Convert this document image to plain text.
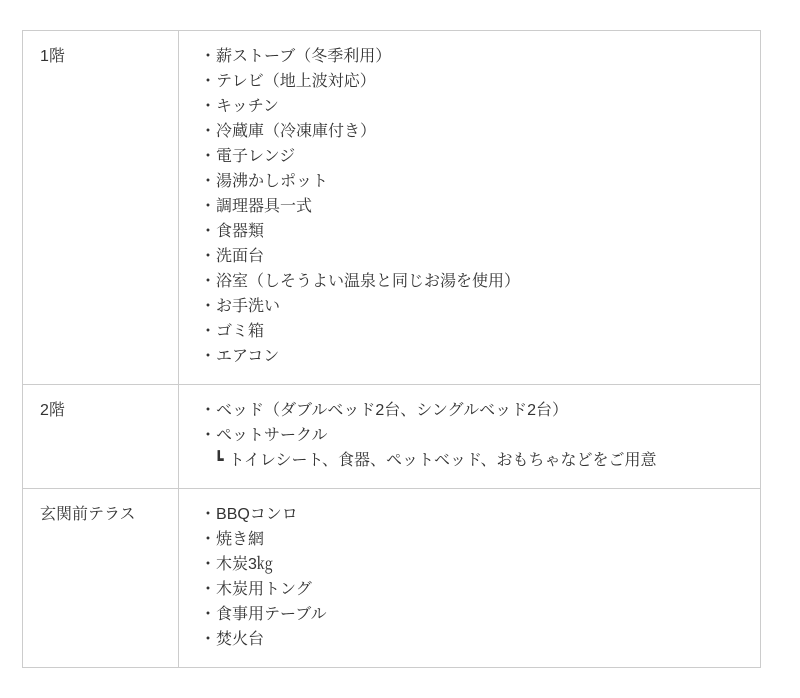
1階	・薪ストーブ（冬季利用）
・テレビ（地上波対応）
・キッチン
・冷蔵庫（冷凍庫付き）
・電子レンジ
・湯沸かしポット
・調理器具一式
・食器類
・洗面台
・浴室（しそうよい温泉と同じお湯を使用）
・お手洗い
・ゴミ箱
・エアコン
2階	・ベッド（ダブルベッド2台、シングルベッド2台）
・ペットサークル
┗ トイレシート、食器、ペットベッド、おもちゃなどをご用意
玄関前テラス	・BBQコンロ
・焼き網
・木炭3㎏
・木炭用トング
・食事用テーブル
・焚火台
